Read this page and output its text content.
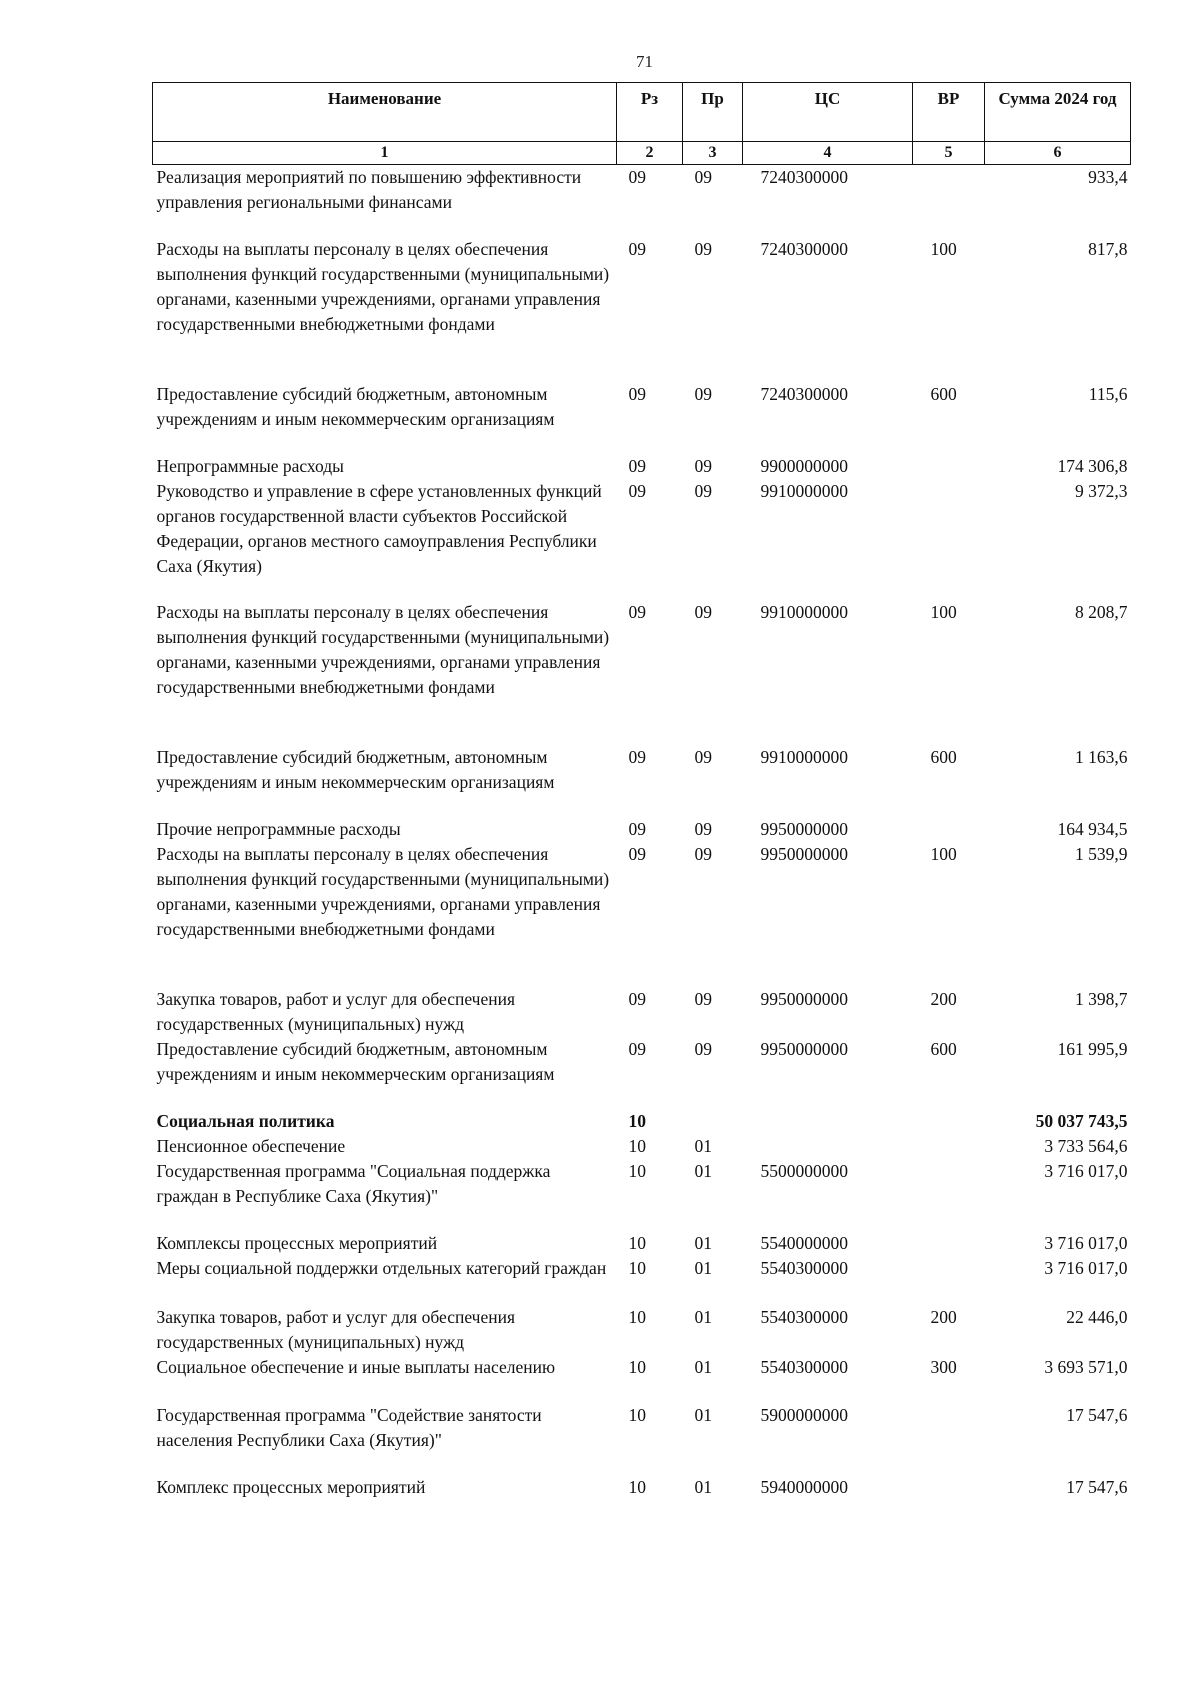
71
Наименование	Рз	Пр	ЦС	ВР	Сумма 2024 год
1	2	3	4	5	6
Реализация мероприятий по повышению эффективности управления региональными финансами	09	09	7240300000		933,4
Расходы на выплаты персоналу в целях обеспечения выполнения функций государственными (муниципальными) органами, казенными учреждениями, органами управления государственными внебюджетными фондами	09	09	7240300000	100	817,8
Предоставление субсидий бюджетным, автономным учреждениям и иным некоммерческим организациям	09	09	7240300000	600	115,6
Непрограммные расходы	09	09	9900000000		174 306,8
Руководство и управление в сфере установленных функций органов государственной власти субъектов Российской Федерации, органов местного самоуправления Республики Саха (Якутия)	09	09	9910000000		9 372,3
Расходы на выплаты персоналу в целях обеспечения выполнения функций государственными (муниципальными) органами, казенными учреждениями, органами управления государственными внебюджетными фондами	09	09	9910000000	100	8 208,7
Предоставление субсидий бюджетным, автономным учреждениям и иным некоммерческим организациям	09	09	9910000000	600	1 163,6
Прочие непрограммные расходы	09	09	9950000000		164 934,5
Расходы на выплаты персоналу в целях обеспечения выполнения функций государственными (муниципальными) органами, казенными учреждениями, органами управления государственными внебюджетными фондами	09	09	9950000000	100	1 539,9
Закупка товаров, работ и услуг для обеспечения государственных (муниципальных) нужд	09	09	9950000000	200	1 398,7
Предоставление субсидий бюджетным, автономным учреждениям и иным некоммерческим организациям	09	09	9950000000	600	161 995,9
Социальная политика	10				50 037 743,5
Пенсионное обеспечение	10	01			3 733 564,6
Государственная программа "Социальная поддержка граждан в Республике Саха (Якутия)"	10	01	5500000000		3 716 017,0
Комплексы процессных мероприятий	10	01	5540000000		3 716 017,0
Меры социальной поддержки отдельных категорий граждан	10	01	5540300000		3 716 017,0
Закупка товаров, работ и услуг для обеспечения государственных (муниципальных) нужд	10	01	5540300000	200	22 446,0
Социальное обеспечение и иные выплаты населению	10	01	5540300000	300	3 693 571,0
Государственная программа "Содействие занятости населения Республики Саха (Якутия)"	10	01	5900000000		17 547,6
Комплекс процессных мероприятий	10	01	5940000000		17 547,6
